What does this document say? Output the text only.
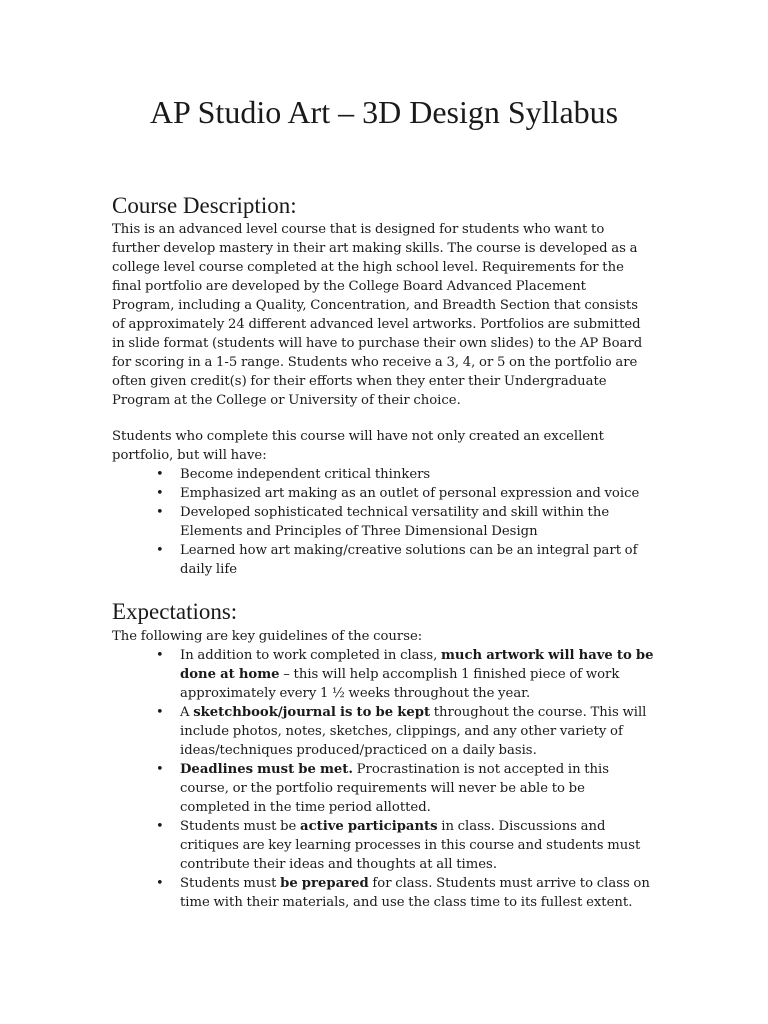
AP Studio Art – 3D Design Syllabus
Course Description:

This is an advanced level course that is designed for students who want to further develop mastery in their art making skills. The course is developed as a college level course completed at the high school level. Requirements for the final portfolio are developed by the College Board Advanced Placement Program, including a Quality, Concentration, and Breadth Section that consists of approximately 24 different advanced level artworks. Portfolios are submitted in slide format (students will have to purchase their own slides) to the AP Board for scoring in a 1-5 range. Students who receive a 3, 4, or 5 on the portfolio are often given credit(s) for their efforts when they enter their Undergraduate Program at the College or University of their choice.

Students who complete this course will have not only created an excellent portfolio, but will have:

• Become independent critical thinkers
• Emphasized art making as an outlet of personal expression and voice
• Developed sophisticated technical versatility and skill within the Elements and Principles of Three Dimensional Design
• Learned how art making/creative solutions can be an integral part of daily life
Expectations:

The following are key guidelines of the course:

• In addition to work completed in class, much artwork will have to be done at home – this will help accomplish 1 finished piece of work approximately every 1 ½ weeks throughout the year.
• A sketchbook/journal is to be kept throughout the course. This will include photos, notes, sketches, clippings, and any other variety of ideas/techniques produced/practiced on a daily basis.
• Deadlines must be met. Procrastination is not accepted in this course, or the portfolio requirements will never be able to be completed in the time period allotted.
• Students must be active participants in class. Discussions and critiques are key learning processes in this course and students must contribute their ideas and thoughts at all times.
• Students must be prepared for class. Students must arrive to class on time with their materials, and use the class time to its fullest extent.
